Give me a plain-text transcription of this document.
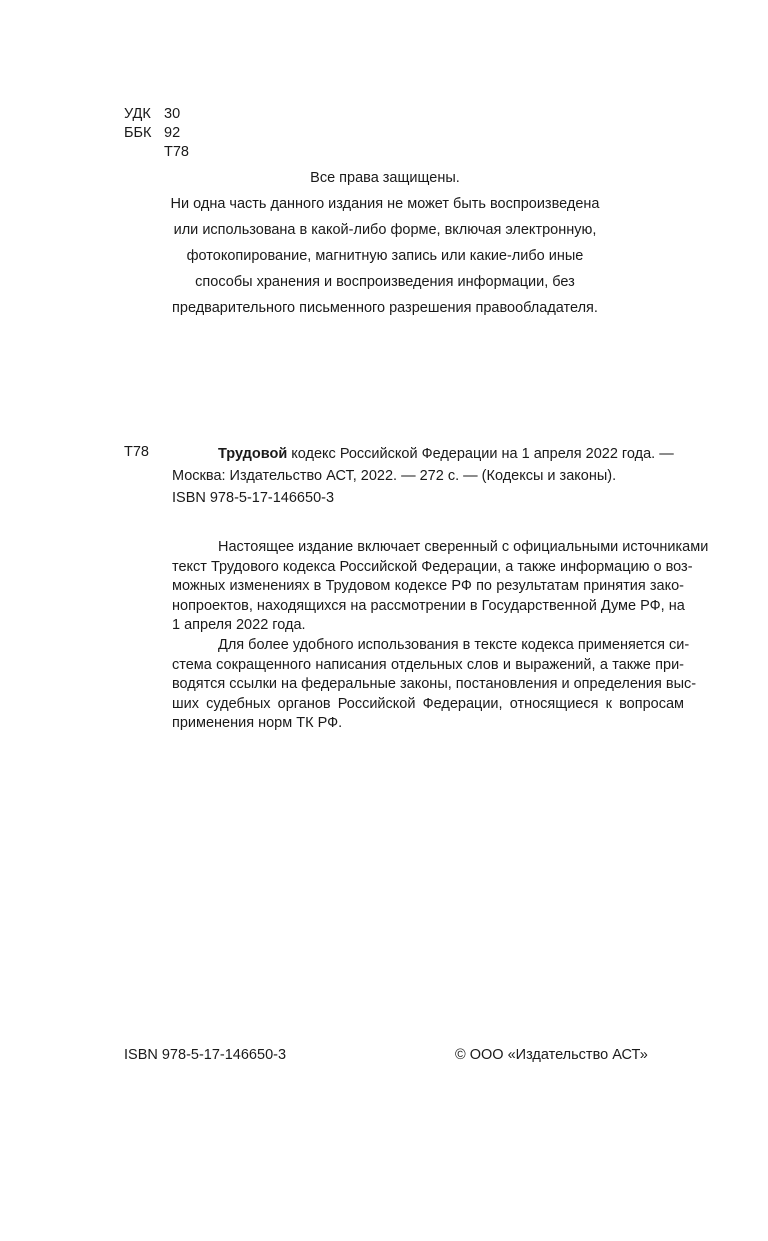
УДК 30
ББК 92
Т78
Все права защищены.
Ни одна часть данного издания не может быть воспроизведена
или использована в какой-либо форме, включая электронную,
фотокопирование, магнитную запись или какие-либо иные
способы хранения и воспроизведения информации, без
предварительного письменного разрешения правообладателя.
Т78	Трудовой кодекс Российской Федерации на 1 апреля 2022 года. —
Москва: Издательство АСТ, 2022. — 272 с. — (Кодексы и законы).
ISBN 978-5-17-146650-3
Настоящее издание включает сверенный с официальными источниками
текст Трудового кодекса Российской Федерации, а также информацию о воз-
можных изменениях в Трудовом кодексе РФ по результатам принятия зако-
нопроектов, находящихся на рассмотрении в Государственной Думе РФ, на
1 апреля 2022 года.
Для более удобного использования в тексте кодекса применяется си-
стема сокращенного написания отдельных слов и выражений, а также при-
водятся ссылки на федеральные законы, постановления и определения выс-
ших судебных органов Российской Федерации, относящиеся к вопросам
применения норм ТК РФ.
ISBN 978-5-17-146650-3	© ООО «Издательство АСТ»
